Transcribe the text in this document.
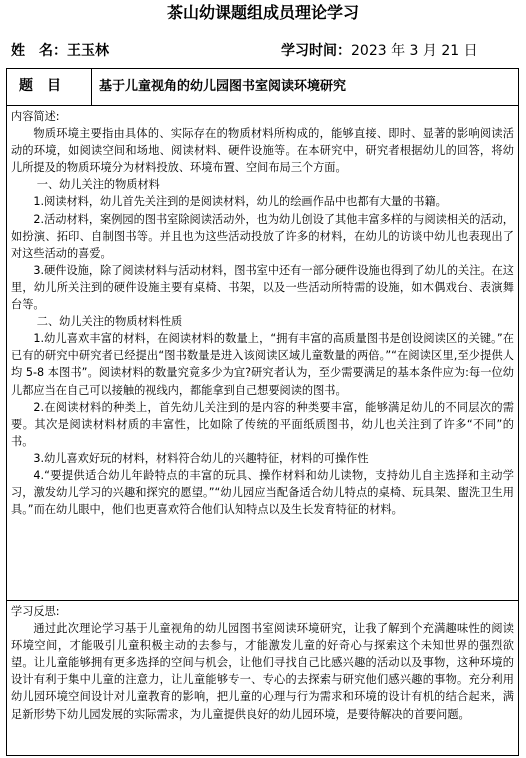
茶山幼课题组成员理论学习
姓　名：王玉林	学习时间：2023 年 3 月 21 日
题目 基于儿童视角的幼儿园图书室阅读环境研究
内容简述:

物质环境主要指由具体的、实际存在的物质材料所构成的，能够直接、即时、显著的影响阅读活动的环境，如阅读空间和场地、阅读材料、硬件设施等。在本研究中，研究者根据幼儿的回答，将幼儿所提及的物质环境分为材料投放、环境布置、空间布局三个方面。

一、幼儿关注的物质材料

1.阅读材料，幼儿首先关注到的是阅读材料，幼儿的绘画作品中也都有大量的书籍。

2.活动材料，案例园的图书室除阅读活动外，也为幼儿创设了其他丰富多样的与阅读相关的活动，如扮演、拓印、自制图书等。并且也为这些活动投放了许多的材料，在幼儿的访谈中幼儿也表现出了对这些活动的喜爱。

3.硬件设施，除了阅读材料与活动材料，图书室中还有一部分硬件设施也得到了幼儿的关注。在这里，幼儿所关注到的硬件设施主要有桌椅、书架，以及一些活动所特需的设施，如木偶戏台、表演舞台等。

二、幼儿关注的物质材料性质

1.幼儿喜欢丰富的材料，在阅读材料的数量上，“拥有丰富的高质量图书是创设阅读区的关键。”在已有的研究中研究者已经提出“图书数量是进入该阅读区域儿童数量的两倍。”“在阅读区里,至少提供人均 5-8 本图书”。阅读材料的数量究竟多少为宜?研究者认为，至少需要满足的基本条件应为:每一位幼儿都应当在自己可以接触的视线内，都能拿到自己想要阅读的图书。

2.在阅读材料的种类上，首先幼儿关注到的是内容的种类要丰富，能够满足幼儿的不同层次的需要。其次是阅读材料材质的丰富性，比如除了传统的平面纸质图书，幼儿也关注到了许多“不同”的书。

3.幼儿喜欢好玩的材料，材料符合幼儿的兴趣特征，材料的可操作性

4.“要提供适合幼儿年龄特点的丰富的玩具、操作材料和幼儿读物，支持幼儿自主选择和主动学习，激发幼儿学习的兴趣和探究的愿望。”“幼儿园应当配备适合幼儿特点的桌椅、玩具架、盥洗卫生用具。”而在幼儿眼中，他们也更喜欢符合他们认知特点以及生长发育特征的材料。

学习反思:

通过此次理论学习基于儿童视角的幼儿园图书室阅读环境研究，让我了解到个充满趣味性的阅读环境空间，才能吸引儿童积极主动的去参与，才能激发儿童的好奇心与探索这个未知世界的强烈欲望。让儿童能够拥有更多选择的空间与机会，让他们寻找自己比感兴趣的活动以及事物，这种环境的设计有利于集中儿童的注意力，让儿童能够专一、专心的去探索与研究他们感兴趣的事物。充分利用幼儿园环境空间设计对儿童教育的影响，把儿童的心理与行为需求和环境的设计有机的结合起来，满足新形势下幼儿园发展的实际需求，为儿童提供良好的幼儿园环境，是要待解决的首要问题。
